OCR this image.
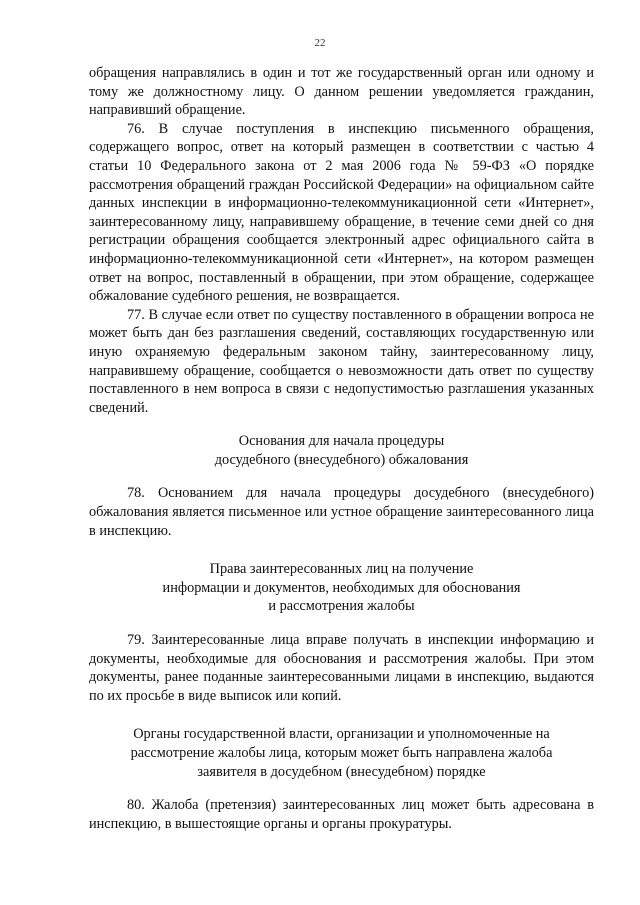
22

обращения направлялись в один и тот же государственный орган или одному и тому же должностному лицу. О данном решении уведомляется гражданин, направивший обращение.

76. В случае поступления в инспекцию письменного обращения, содержащего вопрос, ответ на который размещен в соответствии с частью 4 статьи 10 Федерального закона от 2 мая 2006 года № 59-ФЗ «О порядке рассмотрения обращений граждан Российской Федерации» на официальном сайте данных инспекции в информационно-телекоммуникационной сети «Интернет», заинтересованному лицу, направившему обращение, в течение семи дней со дня регистрации обращения сообщается электронный адрес официального сайта в информационно-телекоммуникационной сети «Интернет», на котором размещен ответ на вопрос, поставленный в обращении, при этом обращение, содержащее обжалование судебного решения, не возвращается.

77. В случае если ответ по существу поставленного в обращении вопроса не может быть дан без разглашения сведений, составляющих государственную или иную охраняемую федеральным законом тайну, заинтересованному лицу, направившему обращение, сообщается о невозможности дать ответ по существу поставленного в нем вопроса в связи с недопустимостью разглашения указанных сведений.

Основания для начала процедуры
досудебного (внесудебного) обжалования

78. Основанием для начала процедуры досудебного (внесудебного) обжалования является письменное или устное обращение заинтересованного лица в инспекцию.

Права заинтересованных лиц на получение
информации и документов, необходимых для обоснования
и рассмотрения жалобы

79. Заинтересованные лица вправе получать в инспекции информацию и документы, необходимые для обоснования и рассмотрения жалобы. При этом документы, ранее поданные заинтересованными лицами в инспекцию, выдаются по их просьбе в виде выписок или копий.

Органы государственной власти, организации и уполномоченные на
рассмотрение жалобы лица, которым может быть направлена жалоба
заявителя в досудебном (внесудебном) порядке

80. Жалоба (претензия) заинтересованных лиц может быть адресована в инспекцию, в вышестоящие органы и органы прокуратуры.
